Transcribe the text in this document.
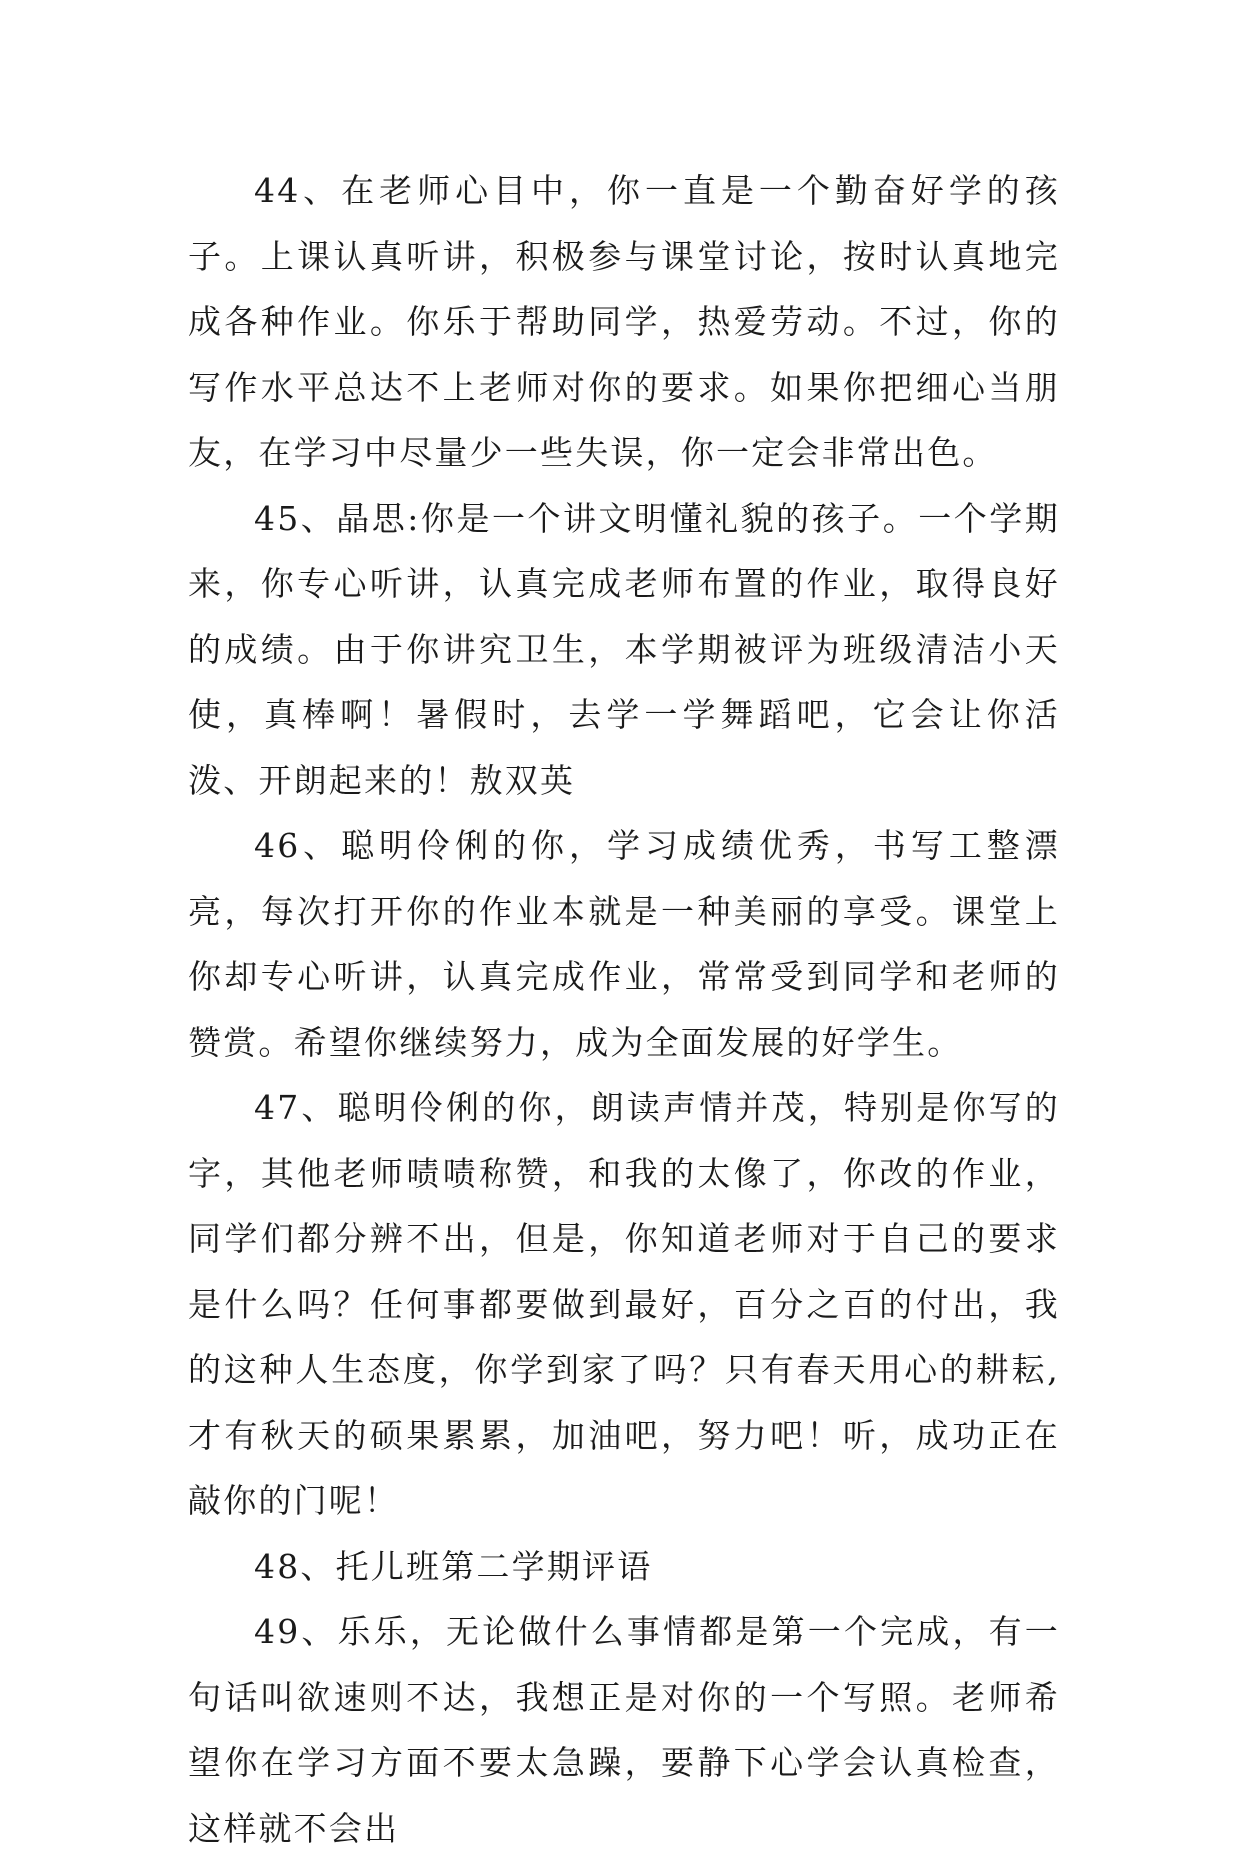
44、在老师心目中，你一直是一个勤奋好学的孩子。上课认真听讲，积极参与课堂讨论，按时认真地完成各种作业。你乐于帮助同学，热爱劳动。不过，你的写作水平总达不上老师对你的要求。如果你把细心当朋友，在学习中尽量少一些失误，你一定会非常出色。

45、晶思:你是一个讲文明懂礼貌的孩子。一个学期来，你专心听讲，认真完成老师布置的作业，取得良好的成绩。由于你讲究卫生，本学期被评为班级清洁小天使，真棒啊！暑假时，去学一学舞蹈吧，它会让你活泼、开朗起来的！敖双英

46、聪明伶俐的你，学习成绩优秀，书写工整漂亮，每次打开你的作业本就是一种美丽的享受。课堂上你却专心听讲，认真完成作业，常常受到同学和老师的赞赏。希望你继续努力，成为全面发展的好学生。

47、聪明伶俐的你，朗读声情并茂，特别是你写的字，其他老师啧啧称赞，和我的太像了，你改的作业，同学们都分辨不出，但是，你知道老师对于自己的要求是什么吗？任何事都要做到最好，百分之百的付出，我的这种人生态度，你学到家了吗？只有春天用心的耕耘,才有秋天的硕果累累，加油吧，努力吧！听，成功正在敲你的门呢！

48、托儿班第二学期评语

49、乐乐，无论做什么事情都是第一个完成，有一句话叫欲速则不达，我想正是对你的一个写照。老师希望你在学习方面不要太急躁，要静下心学会认真检查，这样就不会出
